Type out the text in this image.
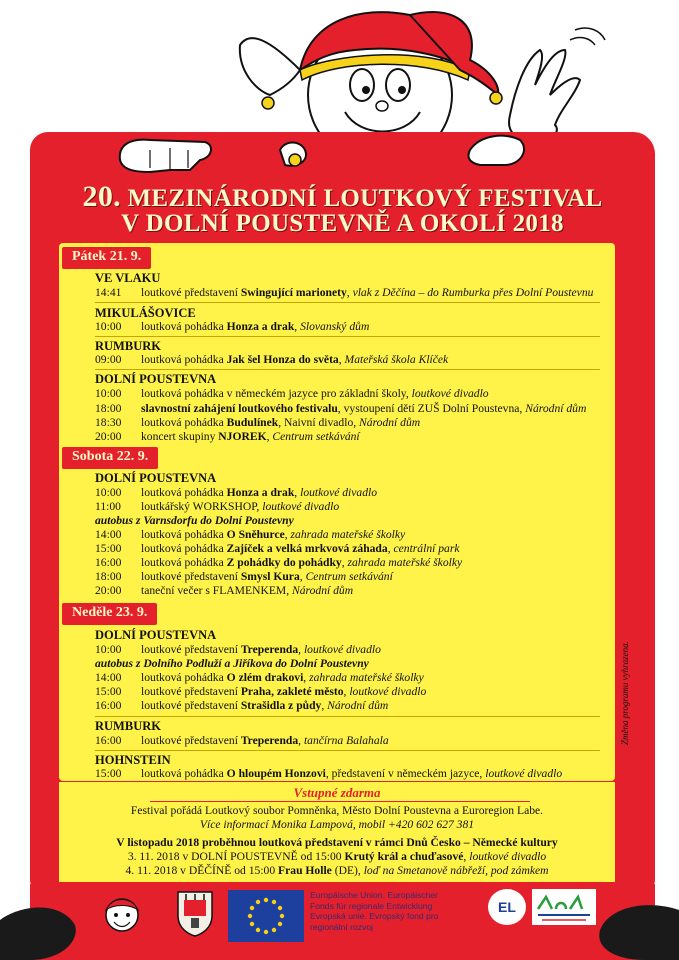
20. MEZINÁRODNÍ LOUTKOVÝ FESTIVAL
V DOLNÍ POUSTEVNĚ A OKOLÍ 2018
Pátek 21. 9.
VE VLAKU
14:41 loutkové představení Swingující marionety, vlak z Děčína – do Rumburka přes Dolní Poustevnu
MIKULÁŠOVICE
10:00 loutková pohádka Honza a drak, Slovanský dům
RUMBURK
09:00 loutková pohádka Jak šel Honza do světa, Mateřská škola Klíček
DOLNÍ POUSTEVNA
10:00 loutková pohádka v německém jazyce pro základní školy, loutkové divadlo
18:00 slavnostní zahájení loutkového festivalu, vystoupení dětí ZUŠ Dolní Poustevna, Národní dům
18:30 loutková pohádka Budulínek, Naivní divadlo, Národní dům
20:00 koncert skupiny NJOREK, Centrum setkávání
Sobota 22. 9.
DOLNÍ POUSTEVNA
10:00 loutková pohádka Honza a drak, loutkové divadlo
11:00 loutkářský WORKSHOP, loutkové divadlo
autobus z Varnsdorfu do Dolní Poustevny
14:00 loutková pohádka O Sněhurce, zahrada mateřské školky
15:00 loutková pohádka Zajíček a velká mrkvová záhada, centrální park
16:00 loutková pohádka Z pohádky do pohádky, zahrada mateřské školky
18:00 loutkové představení Smysl Kura, Centrum setkávání
20:00 taneční večer s FLAMENKEM, Národní dům
Neděle 23. 9.
DOLNÍ POUSTEVNA
10:00 loutkové představení Treperenda, loutkové divadlo
autobus z Dolního Podluží a Jiříkova do Dolní Poustevny
14:00 loutková pohádka O zlém drakovi, zahrada mateřské školky
15:00 loutkové představení Praha, zakleté město, loutkové divadlo
16:00 loutkové představení Strašidla z půdy, Národní dům
RUMBURK
16:00 loutkové představení Treperenda, tančírna Balahala
HOHNSTEIN
15:00 loutková pohádka O hloupém Honzovi, představení v německém jazyce, loutkové divadlo
Změna programu vyhrazena.
Vstupné zdarma
Festival pořádá Loutkový soubor Pomněnka, Město Dolní Poustevna a Euroregion Labe.
Více informací Monika Lampová, mobil +420 602 627 381
V listopadu 2018 proběhnou loutková představení v rámci Dnů Česko – Německé kultury
3. 11. 2018 v DOLNÍ POUSTEVNĚ od 15:00 Krutý král a chuďasové, loutkové divadlo
4. 11. 2018 v DĚČÍNĚ od 15:00 Frau Holle (DE), loď na Smetanově nábřeží, pod zámkem
Europäische Union. Europäischer
Fonds für regionale Entwicklung
Evropská unie. Evropský fond pro
regionální rozvoj
EL
